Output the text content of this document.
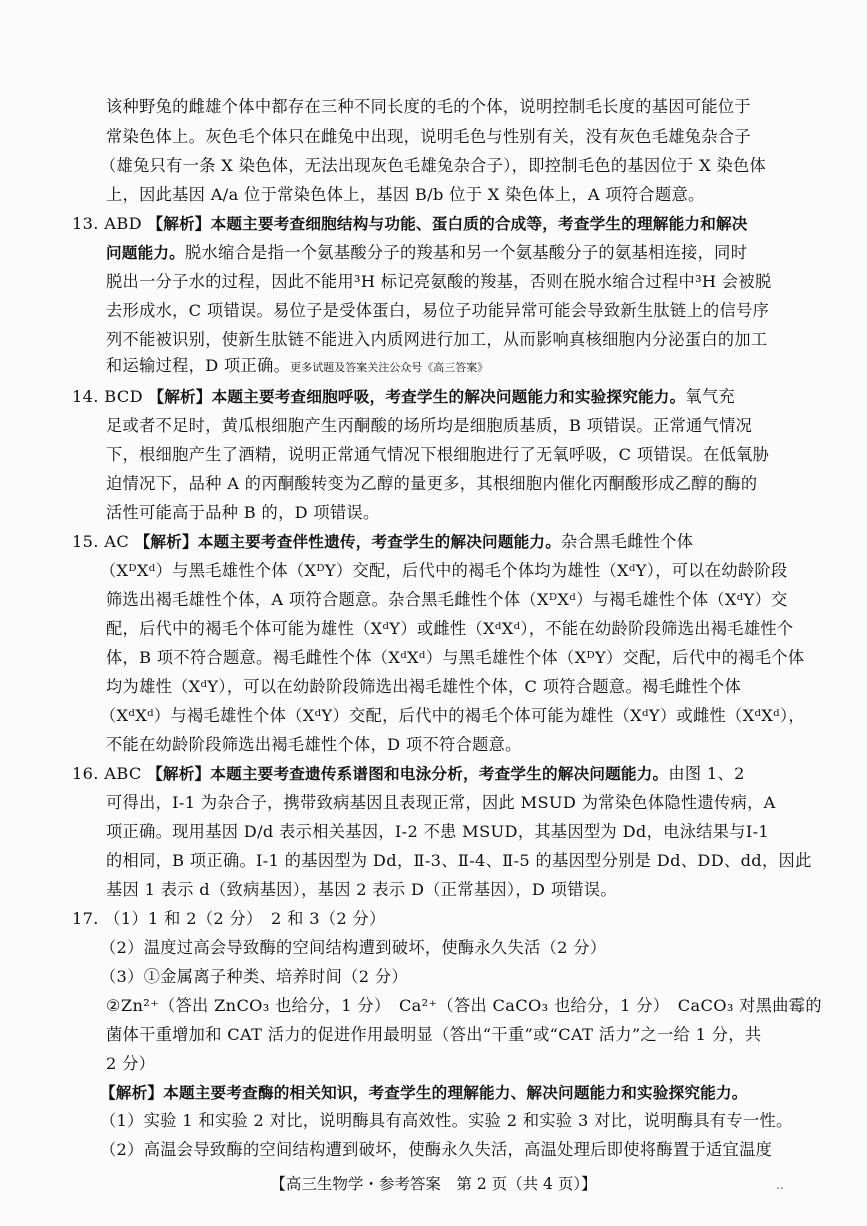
该种野兔的雌雄个体中都存在三种不同长度的毛的个体，说明控制毛长度的基因可能位于
常染色体上。灰色毛个体只在雌兔中出现，说明毛色与性别有关，没有灰色毛雄兔杂合子
（雄兔只有一条 X 染色体，无法出现灰色毛雄兔杂合子），即控制毛色的基因位于 X 染色体
上，因此基因 A/a 位于常染色体上，基因 B/b 位于 X 染色体上，A 项符合题意。
13. ABD 【解析】本题主要考查细胞结构与功能、蛋白质的合成等，考查学生的理解能力和解决
问题能力。脱水缩合是指一个氨基酸分子的羧基和另一个氨基酸分子的氨基相连接，同时
脱出一分子水的过程，因此不能用³H 标记亮氨酸的羧基，否则在脱水缩合过程中³H 会被脱
去形成水，C 项错误。易位子是受体蛋白，易位子功能异常可能会导致新生肽链上的信号序
列不能被识别，使新生肽链不能进入内质网进行加工，从而影响真核细胞内分泌蛋白的加工
和运输过程，D 项正确。更多试题及答案关注公众号《高三答案》
14. BCD 【解析】本题主要考查细胞呼吸，考查学生的解决问题能力和实验探究能力。氧气充
足或者不足时，黄瓜根细胞产生丙酮酸的场所均是细胞质基质，B 项错误。正常通气情况
下，根细胞产生了酒精，说明正常通气情况下根细胞进行了无氧呼吸，C 项错误。在低氧胁
迫情况下，品种 A 的丙酮酸转变为乙醇的量更多，其根细胞内催化丙酮酸形成乙醇的酶的
活性可能高于品种 B 的，D 项错误。
15. AC 【解析】本题主要考查伴性遗传，考查学生的解决问题能力。杂合黑毛雌性个体
（XᴰXᵈ）与黑毛雄性个体（XᴰY）交配，后代中的褐毛个体均为雄性（XᵈY），可以在幼龄阶段
筛选出褐毛雄性个体，A 项符合题意。杂合黑毛雌性个体（XᴰXᵈ）与褐毛雄性个体（XᵈY）交
配，后代中的褐毛个体可能为雄性（XᵈY）或雌性（XᵈXᵈ），不能在幼龄阶段筛选出褐毛雄性个
体，B 项不符合题意。褐毛雌性个体（XᵈXᵈ）与黑毛雄性个体（XᴰY）交配，后代中的褐毛个体
均为雄性（XᵈY），可以在幼龄阶段筛选出褐毛雄性个体，C 项符合题意。褐毛雌性个体
（XᵈXᵈ）与褐毛雄性个体（XᵈY）交配，后代中的褐毛个体可能为雄性（XᵈY）或雌性（XᵈXᵈ），
不能在幼龄阶段筛选出褐毛雄性个体，D 项不符合题意。
16. ABC 【解析】本题主要考查遗传系谱图和电泳分析，考查学生的解决问题能力。由图 1、2
可得出，Ⅰ-1 为杂合子，携带致病基因且表现正常，因此 MSUD 为常染色体隐性遗传病，A
项正确。现用基因 D/d 表示相关基因，Ⅰ-2 不患 MSUD，其基因型为 Dd，电泳结果与Ⅰ-1
的相同，B 项正确。Ⅰ-1 的基因型为 Dd，Ⅱ-3、Ⅱ-4、Ⅱ-5 的基因型分别是 Dd、DD、dd，因此
基因 1 表示 d（致病基因），基因 2 表示 D（正常基因），D 项错误。
17. （1）1 和 2（2 分）　2 和 3（2 分）
（2）温度过高会导致酶的空间结构遭到破坏，使酶永久失活（2 分）
（3）①金属离子种类、培养时间（2 分）
②Zn²⁺（答出 ZnCO₃ 也给分，1 分）　Ca²⁺（答出 CaCO₃ 也给分，1 分）　CaCO₃ 对黑曲霉的
菌体干重增加和 CAT 活力的促进作用最明显（答出“干重”或“CAT 活力”之一给 1 分，共
2 分）
【解析】本题主要考查酶的相关知识，考查学生的理解能力、解决问题能力和实验探究能力。
（1）实验 1 和实验 2 对比，说明酶具有高效性。实验 2 和实验 3 对比，说明酶具有专一性。
【高三生物学・参考答案　第 2 页（共 4 页）】	..
（2）高温会导致酶的空间结构遭到破坏，使酶永久失活，高温处理后即使将酶置于适宜温度
